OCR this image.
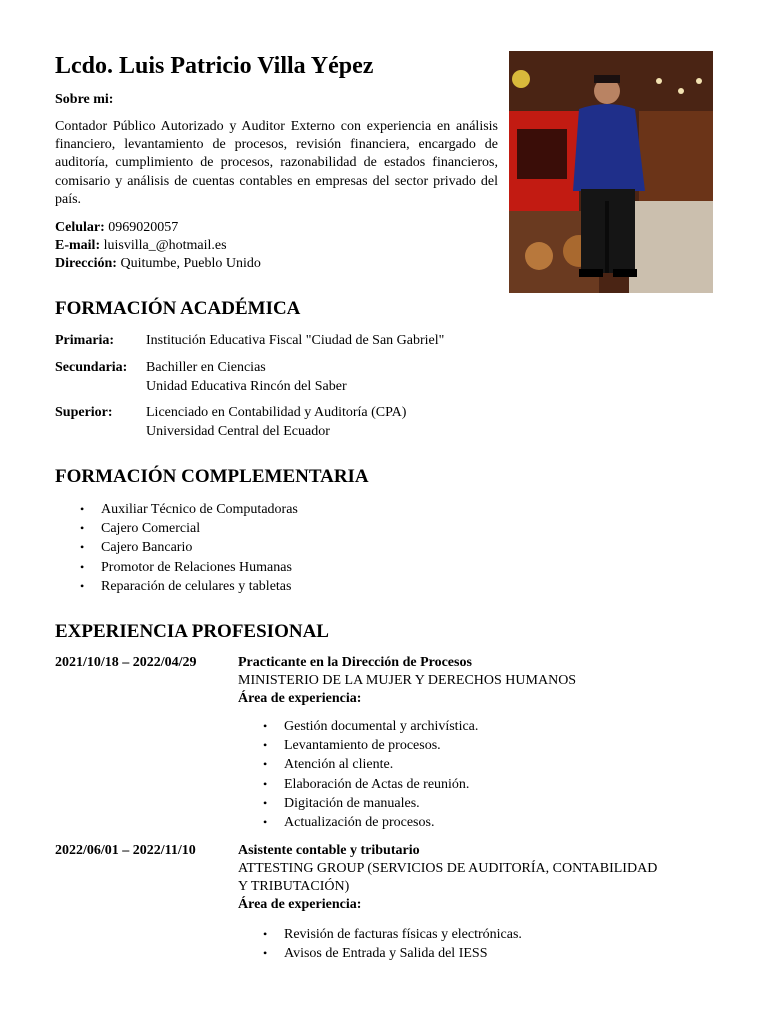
Lcdo. Luis Patricio Villa Yépez
Sobre mi:

Contador Público Autorizado y Auditor Externo con experiencia en análisis financiero, levantamiento de procesos, revisión financiera, encargado de auditoría, cumplimiento de procesos, razonabilidad de estados financieros, comisario y análisis de cuentas contables en empresas del sector privado del país.

Celular: 0969020057
E-mail: luisvilla_@hotmail.es
Dirección: Quitumbe, Pueblo Unido
FORMACIÓN ACADÉMICA
Primaria:	Institución Educativa Fiscal "Ciudad de San Gabriel"
Secundaria:	Bachiller en Ciencias
Unidad Educativa Rincón del Saber
Superior:	Licenciado en Contabilidad y Auditoría (CPA)
Universidad Central del Ecuador
FORMACIÓN COMPLEMENTARIA
• Auxiliar Técnico de Computadoras
• Cajero Comercial
• Cajero Bancario
• Promotor de Relaciones Humanas
• Reparación de celulares y tabletas
EXPERIENCIA PROFESIONAL
2021/10/18 – 2022/04/29	Practicante en la Dirección de Procesos
MINISTERIO DE LA MUJER Y DERECHOS HUMANOS
Área de experiencia:
• Gestión documental y archivística.
• Levantamiento de procesos.
• Atención al cliente.
• Elaboración de Actas de reunión.
• Digitación de manuales.
• Actualización de procesos.
2022/06/01 – 2022/11/10	Asistente contable y tributario
ATTESTING GROUP (SERVICIOS DE AUDITORÍA, CONTABILIDAD
Y TRIBUTACIÓN)
Área de experiencia:
• Revisión de facturas físicas y electrónicas.
• Avisos de Entrada y Salida del IESS
